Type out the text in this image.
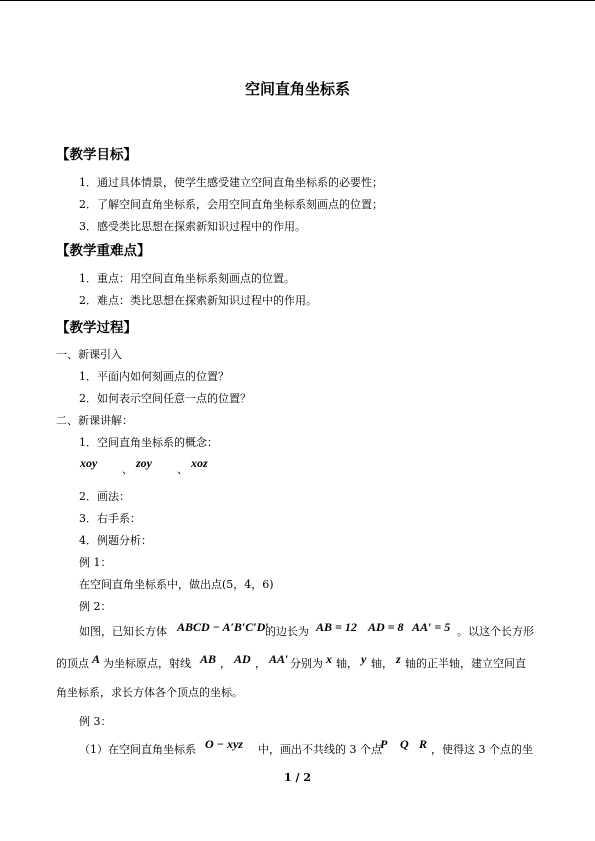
空间直角坐标系
【教学目标】
1．通过具体情景，使学生感受建立空间直角坐标系的必要性；
2．了解空间直角坐标系，会用空间直角坐标系刻画点的位置；
3．感受类比思想在探索新知识过程中的作用。
【教学重难点】
1．重点：用空间直角坐标系刻画点的位置。
2．难点：类比思想在探索新知识过程中的作用。
【教学过程】
一、新课引入
1．平面内如何刻画点的位置？
2．如何表示空间任意一点的位置？
二、新课讲解：
1．空间直角坐标系的概念：
xoy 、 zoy 、 xoz
2．画法：
3．右手系：
4．例题分析：
例 1：
在空间直角坐标系中，做出点(5，4，6)
例 2：
如图，已知长方体 ABCD − A′B′C′D′
的边长为 AB = 12 AD = 8 AA′ = 5 。以这个长方形
的顶点 A 为坐标原点，射线 AB ， AD ， AA′ 分别为 x 轴， y 轴， z 轴的正半轴，建立空间直
角坐标系，求长方体各个顶点的坐标。
例 3：
（1）在空间直角坐标系 O − xyz 中，画出不共线的 3 个点
P Q R ，使得这 3 个点的坐
1 / 2
